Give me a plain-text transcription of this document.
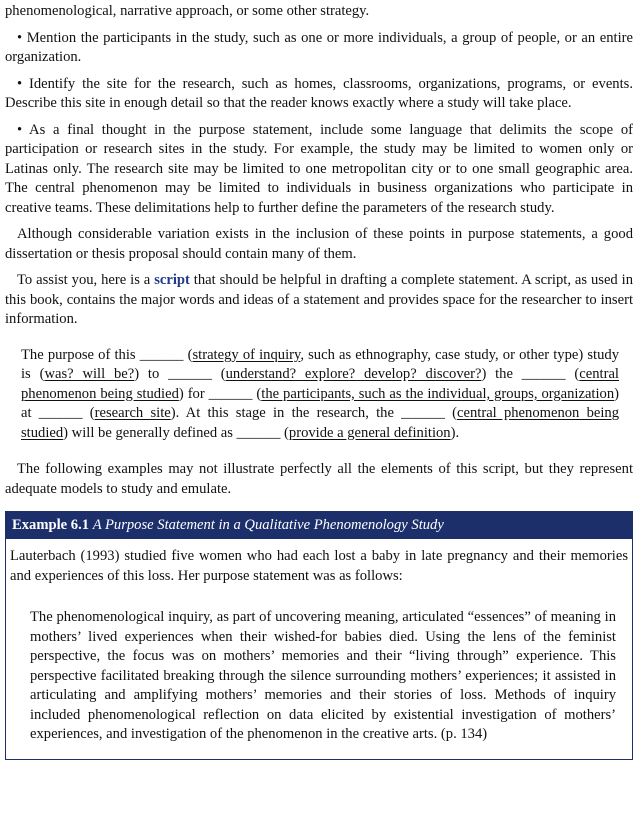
phenomenological, narrative approach, or some other strategy.

• Mention the participants in the study, such as one or more individuals, a group of people, or an entire organization.

• Identify the site for the research, such as homes, classrooms, organizations, programs, or events. Describe this site in enough detail so that the reader knows exactly where a study will take place.

• As a final thought in the purpose statement, include some language that delimits the scope of participation or research sites in the study. For example, the study may be limited to women only or Latinas only. The research site may be limited to one metropolitan city or to one small geographic area. The central phenomenon may be limited to individuals in business organizations who participate in creative teams. These delimitations help to further define the parameters of the research study.

Although considerable variation exists in the inclusion of these points in purpose statements, a good dissertation or thesis proposal should contain many of them.

To assist you, here is a script that should be helpful in drafting a complete statement. A script, as used in this book, contains the major words and ideas of a statement and provides space for the researcher to insert information.

The purpose of this ______ (strategy of inquiry, such as ethnography, case study, or other type) study is (was? will be?) to ______ (understand? explore? develop? discover?) the ______ (central phenomenon being studied) for ______ (the participants, such as the individual, groups, organization) at ______ (research site). At this stage in the research, the ______ (central phenomenon being studied) will be generally defined as ______ (provide a general definition).

The following examples may not illustrate perfectly all the elements of this script, but they represent adequate models to study and emulate.

Example 6.1 A Purpose Statement in a Qualitative Phenomenology Study

Lauterbach (1993) studied five women who had each lost a baby in late pregnancy and their memories and experiences of this loss. Her purpose statement was as follows:

The phenomenological inquiry, as part of uncovering meaning, articulated “essences” of meaning in mothers’ lived experiences when their wished-for babies died. Using the lens of the feminist perspective, the focus was on mothers’ memories and their “living through” experience. This perspective facilitated breaking through the silence surrounding mothers’ experiences; it assisted in articulating and amplifying mothers’ memories and their stories of loss. Methods of inquiry included phenomenological reflection on data elicited by existential investigation of mothers’ experiences, and investigation of the phenomenon in the creative arts. (p. 134)
